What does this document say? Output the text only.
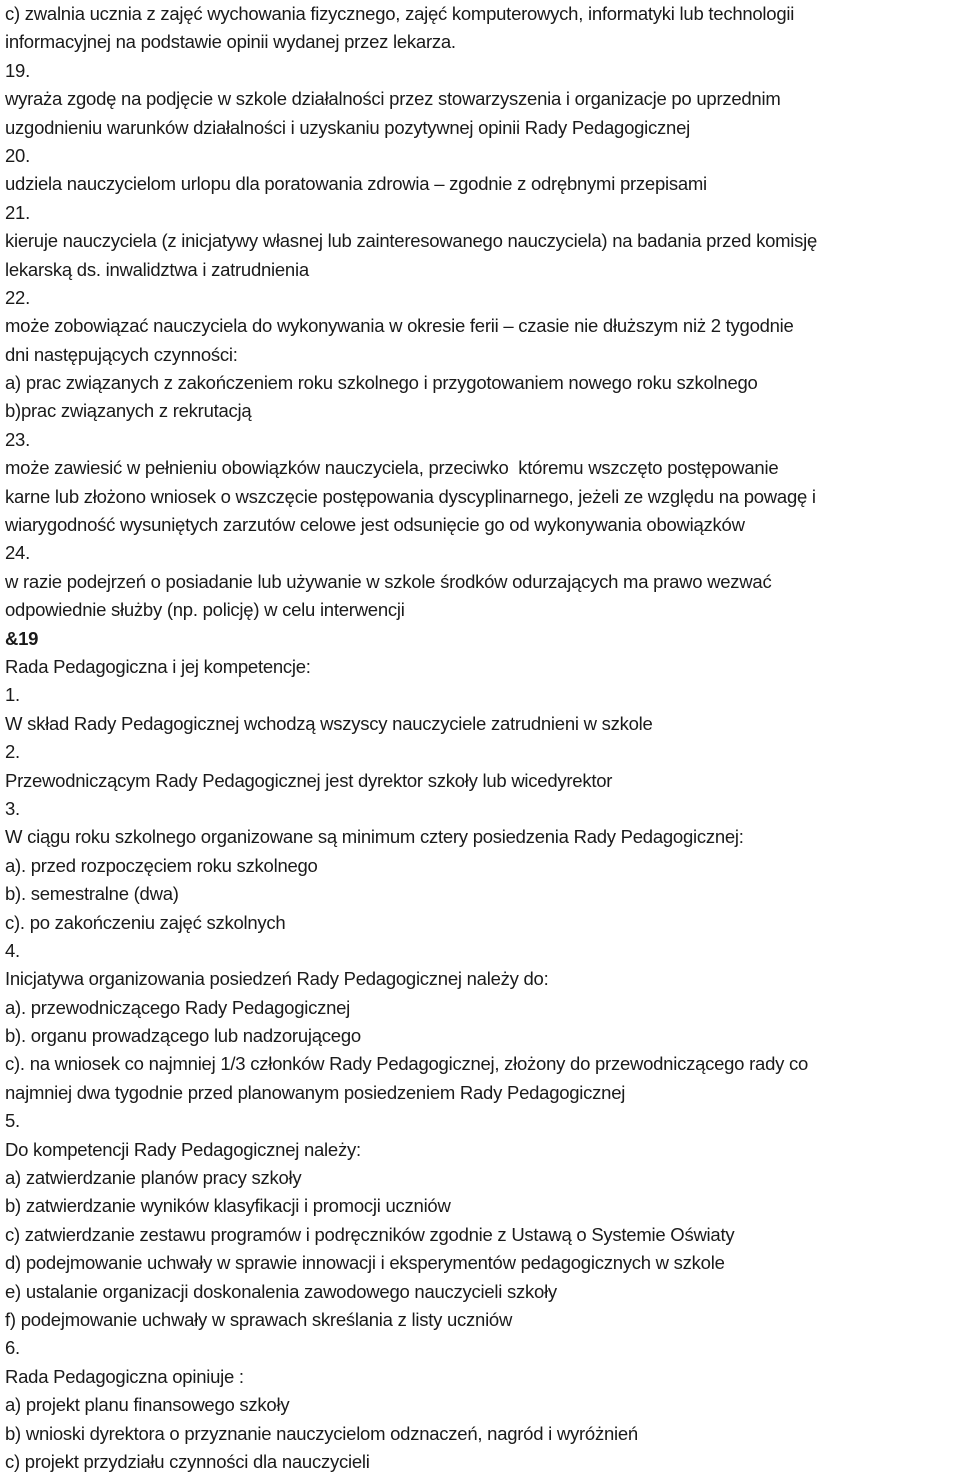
c) zwalnia ucznia z zajęć wychowania fizycznego, zajęć komputerowych, informatyki lub technologii
informacyjnej na podstawie opinii wydanej przez lekarza.
19.
wyraża zgodę na podjęcie w szkole działalności przez stowarzyszenia i organizacje po uprzednim
uzgodnieniu warunków działalności i uzyskaniu pozytywnej opinii Rady Pedagogicznej
20.
udziela nauczycielom urlopu dla poratowania zdrowia – zgodnie z odrębnymi przepisami
21.
kieruje nauczyciela (z inicjatywy własnej lub zainteresowanego nauczyciela) na badania przed komisję
lekarską ds. inwalidztwa i zatrudnienia
22.
może zobowiązać nauczyciela do wykonywania w okresie ferii – czasie nie dłuższym niż 2 tygodnie
dni następujących czynności:
a) prac związanych z zakończeniem roku szkolnego i przygotowaniem nowego roku szkolnego
b)prac związanych z rekrutacją
23.
może zawiesić w pełnieniu obowiązków nauczyciela, przeciwko  któremu wszczęto postępowanie
karne lub złożono wniosek o wszczęcie postępowania dyscyplinarnego, jeżeli ze względu na powagę i
wiarygodność wysuniętych zarzutów celowe jest odsunięcie go od wykonywania obowiązków
24.
w razie podejrzeń o posiadanie lub używanie w szkole środków odurzających ma prawo wezwać
odpowiednie służby (np. policję) w celu interwencji
&19
Rada Pedagogiczna i jej kompetencje:
1.
W skład Rady Pedagogicznej wchodzą wszyscy nauczyciele zatrudnieni w szkole
2.
Przewodniczącym Rady Pedagogicznej jest dyrektor szkoły lub wicedyrektor
3.
W ciągu roku szkolnego organizowane są minimum cztery posiedzenia Rady Pedagogicznej:
a). przed rozpoczęciem roku szkolnego
b). semestralne (dwa)
c). po zakończeniu zajęć szkolnych
4.
Inicjatywa organizowania posiedzeń Rady Pedagogicznej należy do:
a). przewodniczącego Rady Pedagogicznej
b). organu prowadzącego lub nadzorującego
c). na wniosek co najmniej 1/3 członków Rady Pedagogicznej, złożony do przewodniczącego rady co
najmniej dwa tygodnie przed planowanym posiedzeniem Rady Pedagogicznej
5.
Do kompetencji Rady Pedagogicznej należy:
a) zatwierdzanie planów pracy szkoły
b) zatwierdzanie wyników klasyfikacji i promocji uczniów
c) zatwierdzanie zestawu programów i podręczników zgodnie z Ustawą o Systemie Oświaty
d) podejmowanie uchwały w sprawie innowacji i eksperymentów pedagogicznych w szkole
e) ustalanie organizacji doskonalenia zawodowego nauczycieli szkoły
f) podejmowanie uchwały w sprawach skreślania z listy uczniów
6.
Rada Pedagogiczna opiniuje :
a) projekt planu finansowego szkoły
b) wnioski dyrektora o przyznanie nauczycielom odznaczeń, nagród i wyróżnień
c) projekt przydziału czynności dla nauczycieli
